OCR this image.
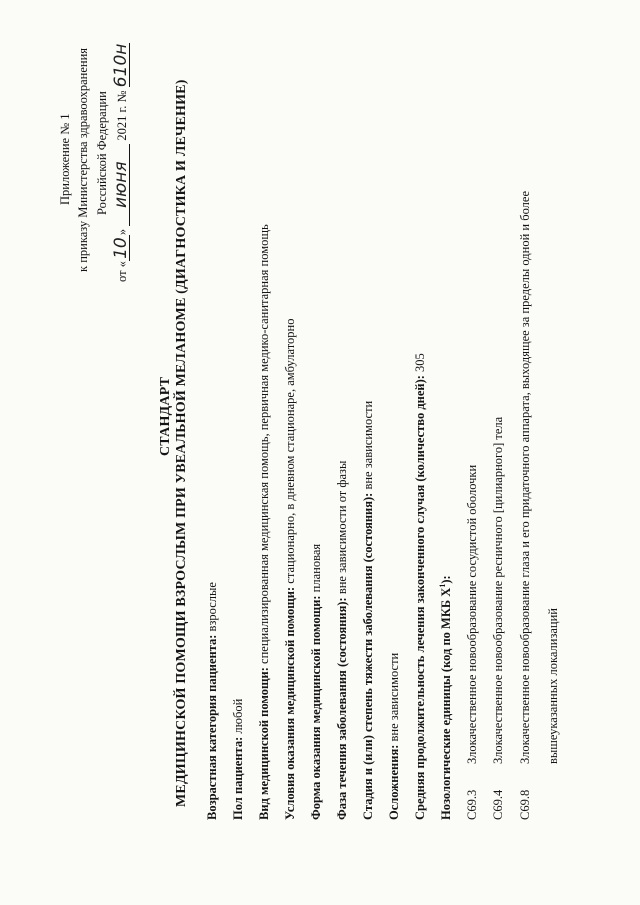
Приложение № 1 к приказу Министерства здравоохранения Российской Федерации
от «10» июня 2021 г. № 610н
СТАНДАРТ МЕДИЦИНСКОЙ ПОМОЩИ ВЗРОСЛЫМ ПРИ УВЕАЛЬНОЙ МЕЛАНОМЕ (ДИАГНОСТИКА И ЛЕЧЕНИЕ) Возрастная категория пациента: взрослые
Пол пациента: любой Вид медицинской помощи: специализированная медицинская помощь, первичная медико-санитарная помощь
Условия оказания медицинской помощи: стационарно, в дневном стационаре, амбулаторно
Форма оказания медицинской помощи: плановая
Фаза течения заболевания (состояния): вне зависимости от фазы Стадия и (или) степень тяжести заболевания (состояния): вне зависимости
Осложнения: вне зависимости Средняя продолжительность лечения законченного случая (количество дней): 305
Нозологические единицы (код по МКБ $X^1$):
C69.3
Злокачественное новообразование сосудистой оболочки
C69.4
Злокачественное новообразование ресничного [цилиарного] тела
C69.8
Злокачественное новообразование глаза и его придаточного аппарата, выходящее за пределы одной и более вышеуказанных локализаций
